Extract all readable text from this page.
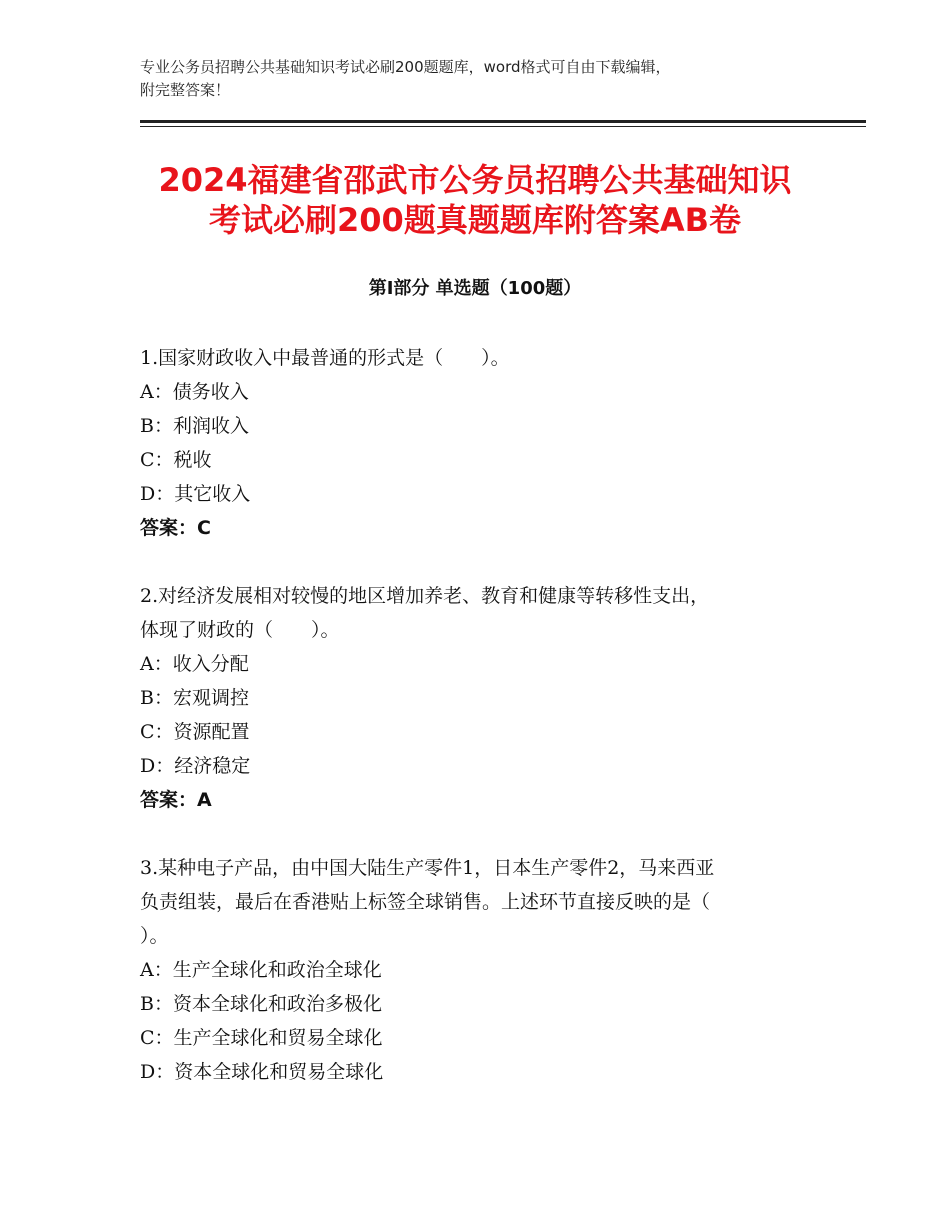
专业公务员招聘公共基础知识考试必刷200题题库，word格式可自由下载编辑，
附完整答案！
2024福建省邵武市公务员招聘公共基础知识
考试必刷200题真题题库附答案AB卷
第Ⅰ部分 单选题（100题）
1.国家财政收入中最普通的形式是（　　）。
A：债务收入
B：利润收入
C：税收
D：其它收入
答案：C
2.对经济发展相对较慢的地区增加养老、教育和健康等转移性支出，
体现了财政的（　　）。
A：收入分配
B：宏观调控
C：资源配置
D：经济稳定
答案：A
3.某种电子产品，由中国大陆生产零件1，日本生产零件2，马来西亚
负责组装，最后在香港贴上标签全球销售。上述环节直接反映的是（
）。
A：生产全球化和政治全球化
B：资本全球化和政治多极化
C：生产全球化和贸易全球化
D：资本全球化和贸易全球化
